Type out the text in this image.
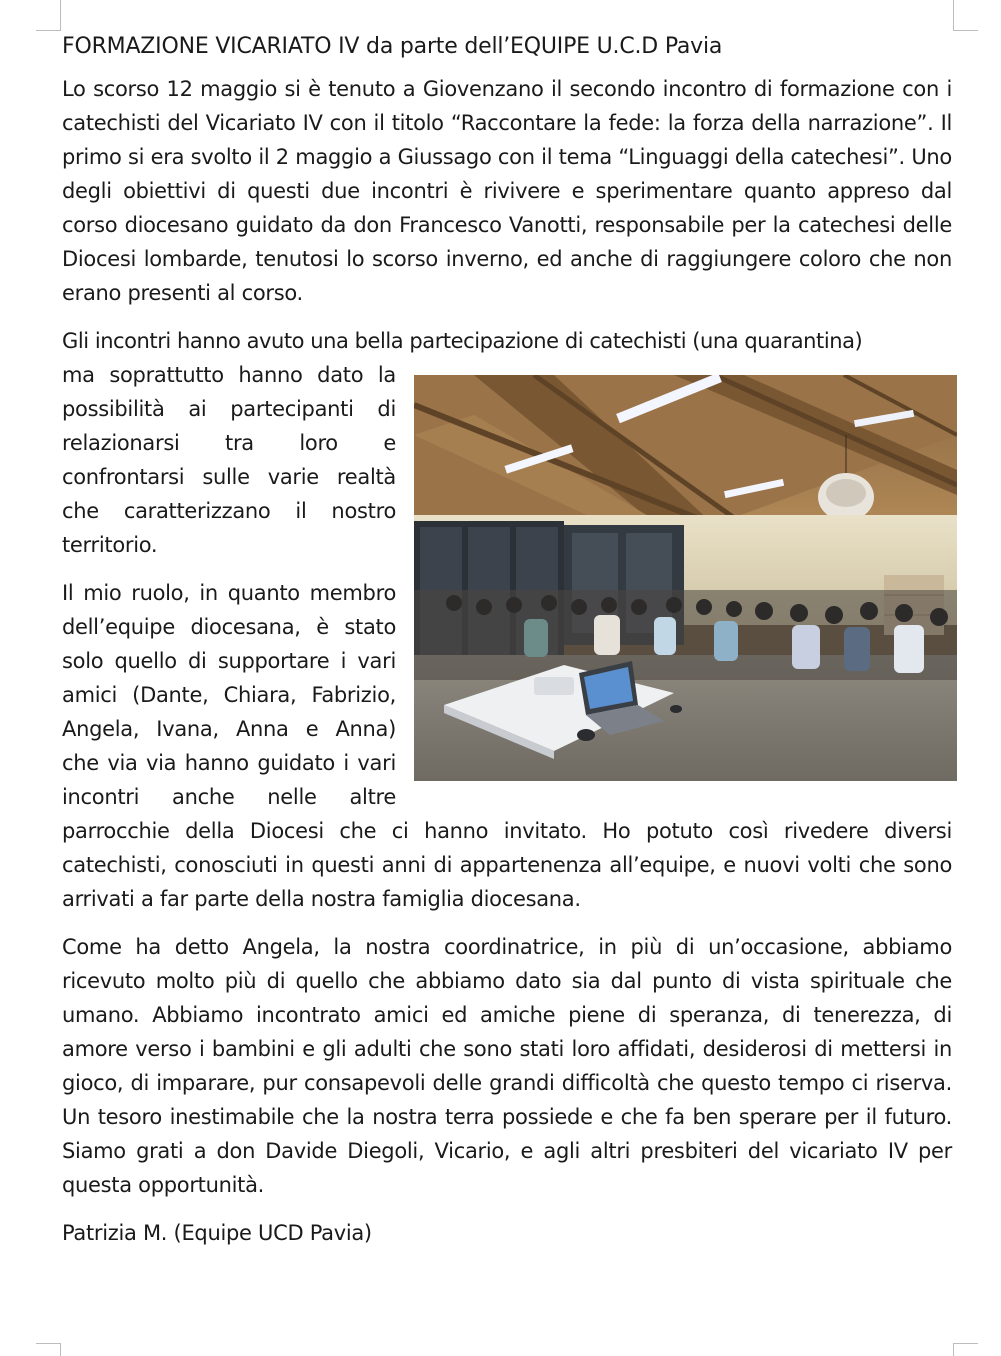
FORMAZIONE VICARIATO IV da parte dell’EQUIPE U.C.D Pavia

Lo scorso 12 maggio si è tenuto a Giovenzano il secondo incontro di formazione con i catechisti del Vicariato IV con il titolo “Raccontare la fede: la forza della narrazione”. Il primo si era svolto il 2 maggio a Giussago con il tema “Linguaggi della catechesi”. Uno degli obiettivi di questi due incontri è rivivere e sperimentare quanto appreso dal corso diocesano guidato da don Francesco Vanotti, responsabile per la catechesi delle Diocesi lombarde, tenutosi lo scorso inverno, ed anche di raggiungere coloro che non erano presenti al corso.

Gli incontri hanno avuto una bella partecipazione di catechisti (una quarantina)

ma soprattutto hanno dato la possibilità ai partecipanti di relazionarsi tra loro e confrontarsi sulle varie realtà che caratterizzano il nostro territorio.

Il mio ruolo, in quanto membro dell’equipe diocesana, è stato solo quello di supportare i vari amici (Dante, Chiara, Fabrizio, Angela, Ivana, Anna e Anna) che via via hanno guidato i vari incontri anche nelle altre parrocchie della Diocesi che ci hanno invitato. Ho potuto così rivedere diversi catechisti, conosciuti in questi anni di appartenenza all’equipe, e nuovi volti che sono arrivati a far parte della nostra famiglia diocesana.

Come ha detto Angela, la nostra coordinatrice, in più di un’occasione, abbiamo ricevuto molto più di quello che abbiamo dato sia dal punto di vista spirituale che umano. Abbiamo incontrato amici ed amiche piene di speranza, di tenerezza, di amore verso i bambini e gli adulti che sono stati loro affidati, desiderosi di mettersi in gioco, di imparare, pur consapevoli delle grandi difficoltà che questo tempo ci riserva. Un tesoro inestimabile che la nostra terra possiede e che fa ben sperare per il futuro. Siamo grati a don Davide Diegoli, Vicario, e agli altri presbiteri del vicariato IV per questa opportunità.

Patrizia M. (Equipe UCD Pavia)
